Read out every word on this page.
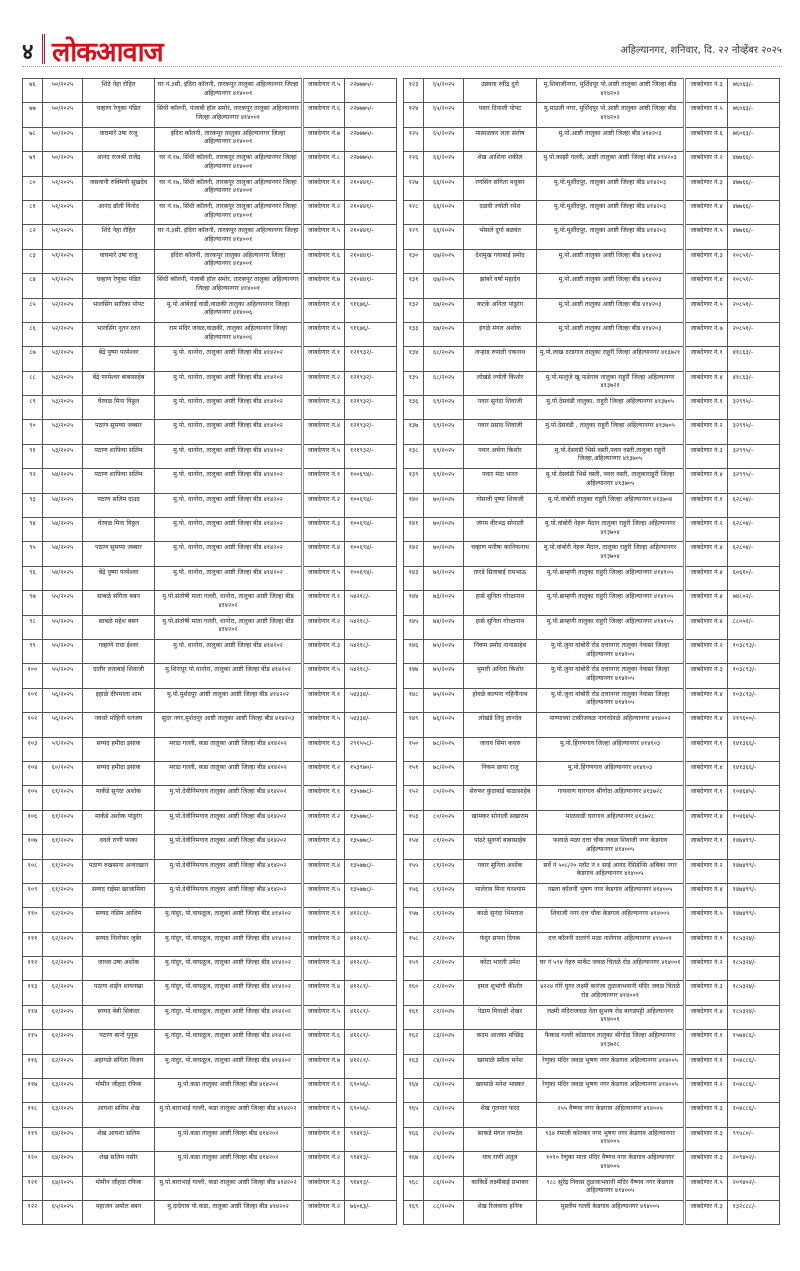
४ लोकआवाज	अहिल्यानगर, शनिवार, दि. २२ नोव्हेंबर २०२५
७६	५०/२०२५	शिंदे नेहा रोहित	घर नं.३सी, इंदिरा कॉलनी, तारकपूर तालुका अहिल्यानगर जिल्हा अहिल्यानगर ४१४००१	जाबदेणार नं.५	२२७७७५/-
७७	५०/२०२५	चव्हाण रेणुका पंडित	सिंधी कॉलनी, पंजाबी हॉल समोर, तारकपूर तालुका अहिल्यानगर जिल्हा अहिल्यानगर ४१४००१	जाबदेणार नं.६	२२७७७५/-
७८	५०/२०२५	वाघमारे उषा राजू	इंदिरा कॉलनी, तारकपूर तालुका अहिल्यानगर जिल्हा अहिल्यानगर ४१४००१	जाबदेणार नं.७	२२७७७५/-
७९	५०/२०२५	आनंद राजश्री राजेंद्र	घर नं.१७, सिंधी कॉलनी, तारकपूर तालुका अहिल्यानगर जिल्हा अहिल्यानगर ४१४००१	जाबदेणार नं.८	२२७७७५/-
८०	५१/२०२५	जसवानी रुक्मिणी सुखदेव	घर नं.१७, सिंधी कॉलनी, तारकपूर तालुका अहिल्यानगर जिल्हा अहिल्यानगर ४१४००१	जाबदेणार नं.१	२१०४४१/-
८१	५१/२०२५	आनंद डॉली विनोद	घर नं.१७, सिंधी कॉलनी, तारकपूर तालुका अहिल्यानगर जिल्हा अहिल्यानगर ४१४००१	जाबदेणार नं.२	२१०४४१/-
८२	५१/२०२५	शिंदे नेहा रोहित	घर नं.३सी, इंदिरा कॉलनी, तारकपूर तालुका अहिल्यानगर जिल्हा अहिल्यानगर ४१४००१	जाबदेणार नं.५	२१०४४१/-
८३	५१/२०२५	वाघमारे उषा राजू	इंदिरा कॉलनी, तारकपूर तालुका अहिल्यानगर जिल्हा अहिल्यानगर ४१४००१	जाबदेणार नं.६	२१०४४१/-
८४	५१/२०२५	चव्हाण रेणुका पंडित	सिंधी कॉलनी, पंजाबी हॉल समोर, तारकपूर तालुका अहिल्यानगर जिल्हा अहिल्यानगर ४१४००१	जाबदेणार नं.७	२१०४४१/-
८५	५२/२०२५	भालसिंग सारिका पोपट	मु.पो.आंबेराई वाडी,वाळकी तालुका अहिल्यानगर जिल्हा अहिल्यानगर ४१४००६	जाबदेणार नं.१	९१६७६/-
८६	५२/२०२५	भालसिंग नूतन रतन	राम मंदिर जवळ,वाळकी, तालुका अहिल्यानगर जिल्हा अहिल्यानगर ४१४००६	जाबदेणार नं.५	९१६७६/-
८७	५३/२०२५	बेंद्रे पुष्पा परमेश्वर	मु.पो. धानोरा, तालुका आष्टी जिल्हा बीड ४१४२०२	जाबदेणार नं.१	१२१९३२/-
८८	५३/२०२५	बेंद्रे परमेश्वर बाबासाहेब	मु.पो. धानोरा, तालुका आष्टी जिल्हा बीड ४१४२०२	जाबदेणार नं.२	१२१९३२/-
८९	५३/२०२५	घेरवळ मिना विठ्ठल	मु.पो. धानोरा, तालुका आष्टी जिल्हा बीड ४१४२०२	जाबदेणार नं.३	१२१९३२/-
९०	५३/२०२५	पठाण सुमय्या जब्बार	मु.पो. धानोरा, तालुका आष्टी जिल्हा बीड ४१४२०२	जाबदेणार नं.४	१२१९३२/-
९१	५३/२०२५	पठाण शाफिया सलिम	मु.पो. धानोरा, तालुका आष्टी जिल्हा बीड ४१४२०२	जाबदेणार नं.५	१२१९३२/-
९२	५४/२०२५	पठाण शाफिया सलिम	मु.पो. धानोरा, तालुका आष्टी जिल्हा बीड ४१४२०२	जाबदेणार नं.१	१००६९४/-
९३	५४/२०२५	पठाण सलिम दाउद	मु.पो. धानोरा, तालुका आष्टी जिल्हा बीड ४१४२०२	जाबदेणार नं.२	१००६९४/-
९४	५४/२०२५	घेरवळ मिना विठ्ठल	मु.पो. धानोरा, तालुका आष्टी जिल्हा बीड ४१४२०२	जाबदेणार नं.३	१००६९४/-
९५	५४/२०२५	पठाण सुमय्या जब्बार	मु.पो. धानोरा, तालुका आष्टी जिल्हा बीड ४१४२०२	जाबदेणार नं.४	१००६९४/-
९६	५४/२०२५	बेंद्रे पुष्पा परमेश्वर	मु.पो. धानोरा, तालुका आष्टी जिल्हा बीड ४१४२०२	जाबदेणार नं.५	१००६९४/-
९७	५५/२०२५	साबळे संगिता बबन	मु.पो.संतोषी माता गल्ली, धानोरा, तालुका आष्टी जिल्हा बीड ४१४२०२	जाबदेणार नं.१	५४२१८/-
९८	५५/२०२५	साबळे महेश बबन	मु.पो.संतोषी माता गल्ली, धानोरा, तालुका आष्टी जिल्हा बीड ४१४२०२	जाबदेणार नं.२	५४२१८/-
९९	५५/२०२५	गव्हाणे राधा ईश्वर	मु.पो. धानोरा, तालुका आष्टी जिल्हा बीड ४१४२०२	जाबदेणार नं.३	५४२१८/-
१००	५५/२०२५	दातीर लताबाई शिवाजी	मु.शिरापूर पो.धानोरा, तालुका आष्टी जिल्हा बीड ४१४२०२	जाबदेणार नं.५	५४२१८/-
१०१	५६/२०२५	इहाळे दीपमाला शाम	मु.पो.मुर्शदपूर आष्टी तालुका आष्टी जिल्हा बीड ४१४२०२	जाबदेणार नं.१	५४३३४/-
१०२	५६/२०२५	नवधरे मोहिनी धनंजय	सुंदर नगर,मुर्शदपूर आष्टी तालुका आष्टी जिल्हा बीड ४१४२०३	जाबदेणार नं.५	५४३३४/-
१०३	५९/२०२५	सय्यद हमीदा इसाक	मराठ गल्ली, कडा तालुका आष्टी जिल्हा बीड ४१४२०२	जाबदेणार नं.३	२९१५५८/-
१०४	६०/२०२५	सय्यद हमीदा इसाक	मराठ गल्ली, कडा तालुका आष्टी जिल्हा बीड ४१४२०२	जाबदेणार नं.२	१५३९७०/-
१०५	६१/२०२५	मार्कंडे सुनंदा अशोक	मु.पो.देवीनिमगाव तालुका आष्टी जिल्हा बीड ४१४२०२	जाबदेणार नं.१	१३५७७८/-
१०६	६१/२०२५	मार्कंडे अशोक पांडुरंग	मु.पो.देवीनिमगाव तालुका आष्टी जिल्हा बीड ४१४२०२	जाबदेणार नं.२	१३५७७८/-
१०७	६१/२०२५	दवले राणी फाका	मु.पो.देवीनिमगाव तालुका आष्टी जिल्हा बीड ४१४२०२	जाबदेणार नं.३	१३५७७८/-
१०८	६१/२०२५	पठाण रुखसाना अन्वरखान	मु.पो.देवीनिमगाव तालुका आष्टी जिल्हा बीड ४१४२०२	जाबदेणार नं.४	१३५७७८/-
१०९	६१/२०२५	सय्यद राईसा खाजामिया	मु.पो.देवीनिमगाव तालुका आष्टी जिल्हा बीड ४१४२०२	जाबदेणार नं.५	१३५७७८/-
११०	६२/२०२५	सय्यद नसिम आलिम	मु.नांदुर, पो.वाघळुज, तालुका आष्टी जिल्हा बीड ४१४२०२	जाबदेणार नं.१	४१२८१/-
१११	६२/२०२५	सय्यद निलोफर जुबेर	मु.नांदुर, पो.वाघळुज, तालुका आष्टी जिल्हा बीड ४१४२०२	जाबदेणार नं.२	४१२८१/-
११२	६२/२०२५	जाधव उषा अशोक	मु.नांदुर, पो.वाघळुज, तालुका आष्टी जिल्हा बीड ४१४२०२	जाबदेणार नं.३	४१२८१/-
११३	६२/२०२५	पठाण शाईन शायनखा	मु.नांदुर, पो.वाघळुज, तालुका आष्टी जिल्हा बीड ४१४२०२	जाबदेणार नं.४	४१२८१/-
११४	६२/२०२५	सय्यद बेबी सिकंदर	मु.नांदुर, पो.वाघळुज, तालुका आष्टी जिल्हा बीड ४१४२०२	जाबदेणार नं.५	४१२८१/-
११५	६२/२०२५	पठाण बानो युनुस	मु.नांदुर, पो.वाघळुज, तालुका आष्टी जिल्हा बीड ४१४२०२	जाबदेणार नं.६	४१२८१/-
११६	६२/२०२५	अहागळे संगिता विजय	मु.नांदुर, पो.वाघळुज, तालुका आष्टी जिल्हा बीड ४१४२०२	जाबदेणार नं.७	४१२८१/-
११७	६३/२०२५	मोमीन जीहदा रफिक	मु.पो.कडा तालुका आष्टी जिल्हा बीड ४१४२०२	जाबदेणार नं.१	६९०५६/-
११८	६३/२०२५	आयशा सलिम शेख	मु.पो.बाराभाई गल्ली, कडा तालुका आष्टी जिल्हा बीड ४१४२०२	जाबदेणार नं.५	६९०५६/-
११९	६४/२०२५	शेख आयशा सलिम	मु.पो.कडा तालुका आष्टी जिल्हा बीड ४१४२०२	जाबदेणार नं.१	९१४१३/-
१२०	६४/२०२५	शेख सलिम नसीर	मु.पो.कडा तालुका आष्टी जिल्हा बीड ४१४२०२	जाबदेणार नं.२	९१४१३/-
१२१	६४/२०२५	मोमीन जीहदा रफिक	मु.पो.बाराभाई गल्ली, कडा तालुका आष्टी जिल्हा बीड ४१४२०२	जाबदेणार नं.३	९१४१३/-
१२२	६५/२०२५	महाजन अमोल बबन	मु.दादेगाव पो.कडा, तालुका आष्टी जिल्हा बीड ४१४२०२	जाबदेणार नं.२	७६०६३/-
१२३	६५/२०२५	उन्नवता रवींद्र दुरो	मु.शिवाजीनगर, मुर्शिदपूर पो.आष्टी तालुका आष्टी जिल्हा बीड ४१४२०२	जाबदेणार नं.३	७६०६३/-
१२४	६५/२०२५	पवार दिपाली पोपट	मु.माउली नगर, मुर्शिदपूर पो.आष्टी तालुका आष्टी जिल्हा बीड ४१४२०२	जाबदेणार नं.५	७६०६३/-
१२५	६५/२०२५	मासाळकर लता संतोष	मु.पो.आष्टी तालुका आष्टी जिल्हा बीड ४१४२०३	जाबदेणार नं.६	७६०६३/-
१२६	६६/२०२५	शेख आशिया शकील	मु.पो.काझी गल्ली, आष्टी तालुका आष्टी जिल्हा बीड ४१४२०३	जाबदेणार नं.२	४७७६६/-
१२७	६६/२०२५	रणसिंग संगिता मधुकर	मु.पो.मुर्शीदपूर, तालुका आष्टी जिल्हा बीड ४१४२०३	जाबदेणार नं.३	४७७६६/-
१२८	६६/२०२५	दळवी ज्योती रमेश	मु.पो.मुर्शीदपूर, तालुका आष्टी जिल्हा बीड ४१४२०३	जाबदेणार नं.४	४७७६६/-
१२९	६६/२०२५	भोसले दुर्गा बळवंत	मु.पो.मुर्शीदपूर, तालुका आष्टी जिल्हा बीड ४१४२०३	जाबदेणार नं.५	४७७६६/-
१३०	६७/२०२५	देशमुख गयाबाई प्रमोद	मु.पो.आष्टी तालुका आष्टी जिल्हा बीड ४१४२०३	जाबदेणार नं.३	२०८५१/-
१३१	६७/२०२५	झांबरे वर्षा महादेव	मु.पो.आष्टी तालुका आष्टी जिल्हा बीड ४१४२०३	जाबदेणार नं.४	२०८५१/-
१३२	६७/२०२५	कटके अनिता पांडुरंग	मु.पो.आष्टी तालुका आष्टी जिल्हा बीड ४१४२०३	जाबदेणार नं.५	२०८५१/-
१३३	६७/२०२५	इंगळे मंगल अशोक	मु.पो.आष्टी तालुका आष्टी जिल्हा बीड ४१४२०३	जाबदेणार नं.७	२०८५१/-
१३४	६८/२०२५	जऱ्हाड रुपाली एकनाथ	मु.पो.लाख दरडगाव तालुका राहुरी जिल्हा अहिल्यानगर ४१३७२१	जाबदेणार नं.१	४१८६३/-
१३५	६८/२०२५	लोखंडे ज्योती किशोर	मु.पो.मालुंजे खु.पाडेगाव तालुका राहुरी जिल्हा अहिल्यानगर ४१३७२१	जाबदेणार नं.४	४१८६३/-
१३६	६९/२०२५	पवार सुनंदा शिवाजी	मु.पो.देसवंडी तालुका. राहुरी जिल्हा अहिल्यानगर ४१३७०५	जाबदेणार नं.१	३२९९५/-
१३७	६९/२०२५	पवार प्रसाद शिवाजी	मु.पो.देसवंडी , तालुका राहुरी जिल्हा अहिल्यानगर ४१३७०५	जाबदेणार नं.२	३२९९५/-
१३८	६९/२०२५	पवार अर्चना किशोर	मु.पो.देसवंडी भिसे वस्ती,पवार वस्ती,तालुका राहुरी जिल्हा,अहिल्यानगर ४१३७०५	जाबदेणार नं.३	३२९९५/-
१३९	६९/२०२५	पवार मंदा भारत	मु.पो.देसवंडी भिसे वस्ती, पवार वस्ती, तालुकाराहुरी जिल्हा अहिल्यानगर ४१३७०५	जाबदेणार नं.४	३२९९५/-
१४०	७०/२०२५	गोसावी पुष्पा शिवाजी	मु.पो.वांबोरी तालुका राहुरी जिल्हा अहिल्यानगर ४१३७०४	जाबदेणार नं.१	६२८०४/-
१४१	७०/२०२५	जंगम वीरभद्र सोनाली	मु.पो.वांबोरी नेहरू मैदान तालुका राहुरी जिल्हा अहिल्यानगर ४१३७०४	जाबदेणार नं.२	६२८०४/-
१४२	७०/२०२५	चव्हाण मनीषा कानिफनाथ	मु.पो.वांबोरी नेहरू मैदान, तालुका राहुरी जिल्हा अहिल्यानगर ४१३७०४	जाबदेणार नं.४	६२८०४/-
१४३	७२/२०२५	तारडे सिताबाई रामभाऊ	मु.पो.ब्राम्हणी तालुका राहुरी जिल्हा अहिल्यानगर ४१४१०५	जाबदेणार नं.४	६०६१०/-
१४४	७३/२०२५	हासे सुनिता गोरक्षनाथ	मु.पो.ब्राम्हणी तालुका राहुरी जिल्हा अहिल्यानगर ४१४१०५	जाबदेणार नं.४	७४८०२/-
१४५	७४/२०२५	हासे सुनिता गोरक्षनाथ	मु.पो.ब्राम्हणी तालुका राहुरी जिल्हा अहिल्यानगर ४१४१०५	जाबदेणार नं.४	८८०५१/-
१४६	७५/२०२५	निकम प्रमोद नानासाहेब	मु.पो.जुना वांबोरी रोड दत्तानगर तालुका नेवासा जिल्हा अहिल्यानगर ४१४१०५	जाबदेणार नं.२	१०३८९३/-
१४७	७५/२०२५	भुमारी अनिता किशोर	मु.पो.जुना वांबोरी रोड दत्तानगर तालुका नेवासा जिल्हा अहिल्यानगर ४१४१०५	जाबदेणार नं.३	१०३८९३/-
१४८	७५/२०२५	होवळे कल्पना गहिनीनाथ	मु.पो.जुना वांबोरी रोड दत्तानगर तालुका नेवासा जिल्हा अहिल्यानगर ४१४१०५	जाबदेणार नं.४	१०३८९३/-
१४९	७६/२०२५	लोखंडे लिपु ज्ञानदेव	पाण्याच्या टाकीजवळ नागरदेवळे अहिल्यानगर ४१४००२	जाबदेणार नं.४	२१९६००/-
१५०	७८/२०२५	जाधव सिमा कचरु	मु.पो.हिंगणगाव जिल्हा अहिल्यानगर ४१४१०३	जाबदेणार नं.१	१४१३६६/-
१५१	७८/२०२५	निकम छाया राजु	मु.पो.हिंगणगाव अहिल्यानगर ४१४१०३	जाबदेणार नं.४	१४१३६६/-
१५२	८०/२०२५	सेरुफर कुंदाबाई बाळासाहेब	गायवाण घारगाव श्रीगोंदा अहिल्यानगर ४१३७२८	जाबदेणार नं.१	१०४६४५/-
१५३	८०/२०२५	खामकर सोनाली सखाराम	माळवाडी घारगाव अहिल्यानगर ४१३७२८	जाबदेणार नं.४	१०४६४५/-
१५४	८१/२०२५	पांढरे सुवर्णा बाबासाहेब	फलाळे मळा दत्ता चौक जवळ शिवाजी नगर केडगाव अहिल्यानगर ४१४००५	जाबदेणार नं.१	१४७४९९/-
१५५	८१/२०२५	पवार सुनिता अशोक	सर्वे नं ५०८/२० प्लॉट नं १ साई आनंद रेसिडेन्सि अंबिका नगर केडगाव अहिल्यानगर ४१४००५	जाबदेणार नं.२	१४७४९९/-
१५६	८१/२०२५	भालेराव मिना घनश्याम	नम्रता कॉलनी भुषण नगर केडगाव अहिल्यानगर ४१४००५	जाबदेणार नं.४	१४७४९९/-
१५७	८१/२०२५	काळे सुनंदा भिमराज	शिवाजी नगर दत्त चौक केडगाव अहिल्यानगर ४१४००५	जाबदेणार नं.५	१४७४९९/-
१५८	८२/२०२५	फंदुर सपना दिपक	दत्त कॉलनी दातरंगे मळा नालेगाव अहिल्यानगर ४१४००१	जाबदेणार नं.१	१८५३२४/-
१५९	८२/२०२५	कोटा भारती उमेश	घर नं ५९४ नेहरु मार्केट जवळ चितळे रोड अहिल्यानगर ४१४००१	जाबदेणार नं.२	१८५३२४/-
१६०	८२/२०२५	इमल शुभांगी कीशोर	४२२४ गोरे घुगर लक्ष्मी कारंजा तुळजाभवानी मंदिर जवळ चितळे रोड अहिल्यानगर ४१४००१	जाबदेणार नं.३	१८५३२४/-
१६१	८२/२०२५	पेद्राम मिनाक्षी शेखर	लक्ष्मी मंदिराजवळ नेता सुभाष रोड बागडपट्टी अहिल्यानगर ४१४००१	जाबदेणार नं.४	१८५३२४/-
१६२	८३/२०२५	कदम आतका मच्छिंद्र	फैकाड गल्ली कोळगाव तालुका श्रीगोंदा जिल्हा अहिल्यानगर ४१३७२८	जाबदेणार नं.१	१५७४८६/-
१६३	८४/२०२५	खरमाळे स्मीता मनेश	रेणुका मंदिर जवळ भुषण नगर केडगाव अहिल्यानगर ४१४००५	जाबदेणार नं.१	१०४८८६/-
१६४	८४/२०२५	खरमाळे मनेश भास्कर	रेणुका मंदिर जवळ भुषण नगर केडगाव अहिल्यानगर ४१४००५	जाबदेणार नं.२	१०४८८६/-
१६५	८४/२०२५	शेख गुलनार फरद	२५५ वैष्णव नगर केडगाव अहिल्यानगर ४१४००५	जाबदेणार नं.३	१०४८८६/-
१६६	८५/२०२५	साकडे मंगल नामदेव	९३४ रमाजी कोतकर नगर भुषण नगर केडगाव अहिल्यानगर ४१४००५	जाबदेणार नं.३	९९५८०/-
१६७	८६/२०२५	याव राणी अतुल	१०१० रेणुका माता मंदिर वैष्णव नगर केडगाव अहिल्यानगर ४१४००५	जाबदेणार नं.३	२०९४०२/-
१६८	८६/२०२५	काकिर्डे लक्ष्मीबाई प्रभाकर	९८८ सुरेंद्र निवास तुळजाभवानी मंदिर वैष्णव नगर केडगाव अहिल्यानगर ४१४००५	जाबदेणार नं.५	२०९४०२/-
१६९	८८/२०२५	शेख रिजवाना हनिफ	मुस्लीम गल्ली केडगाव अहिल्यानगर ४१४००५	जाबदेणार नं.३	१३२८८८/-
